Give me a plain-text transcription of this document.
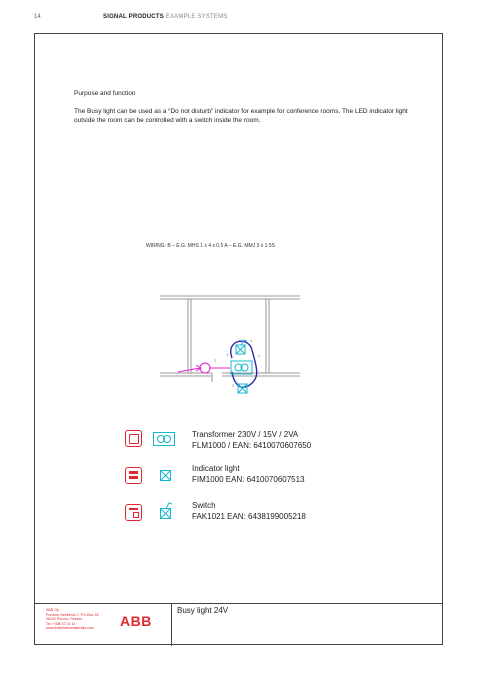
14	SIGNAL PRODUCTS EXAMPLE SYSTEMS
Purpose and function
The Busy light can be used as a “Do not disturb” indicator for example for conference rooms. The LED indicator light outside the room can be controlled with a switch inside the room.
WIRING: B – E.G. MHS 1 x 4 x 0.5 A – E.G. MMJ 3 x 1.5S
2
3
4
2
2
Transformer 230V / 15V / 2VA
FLM1000 / EAN: 6410070607650
Indicator light
FIM1000 EAN: 6410070607513
Switch
FAK1021 EAN: 6438199005218
ABB Oy
Porvoon Seebehöl 2, P.O.Box 18
06101 Porvoo, Finland
Tel: +358 10 22 11
www.installationmaterials.com	ABB
Busy light 24V
